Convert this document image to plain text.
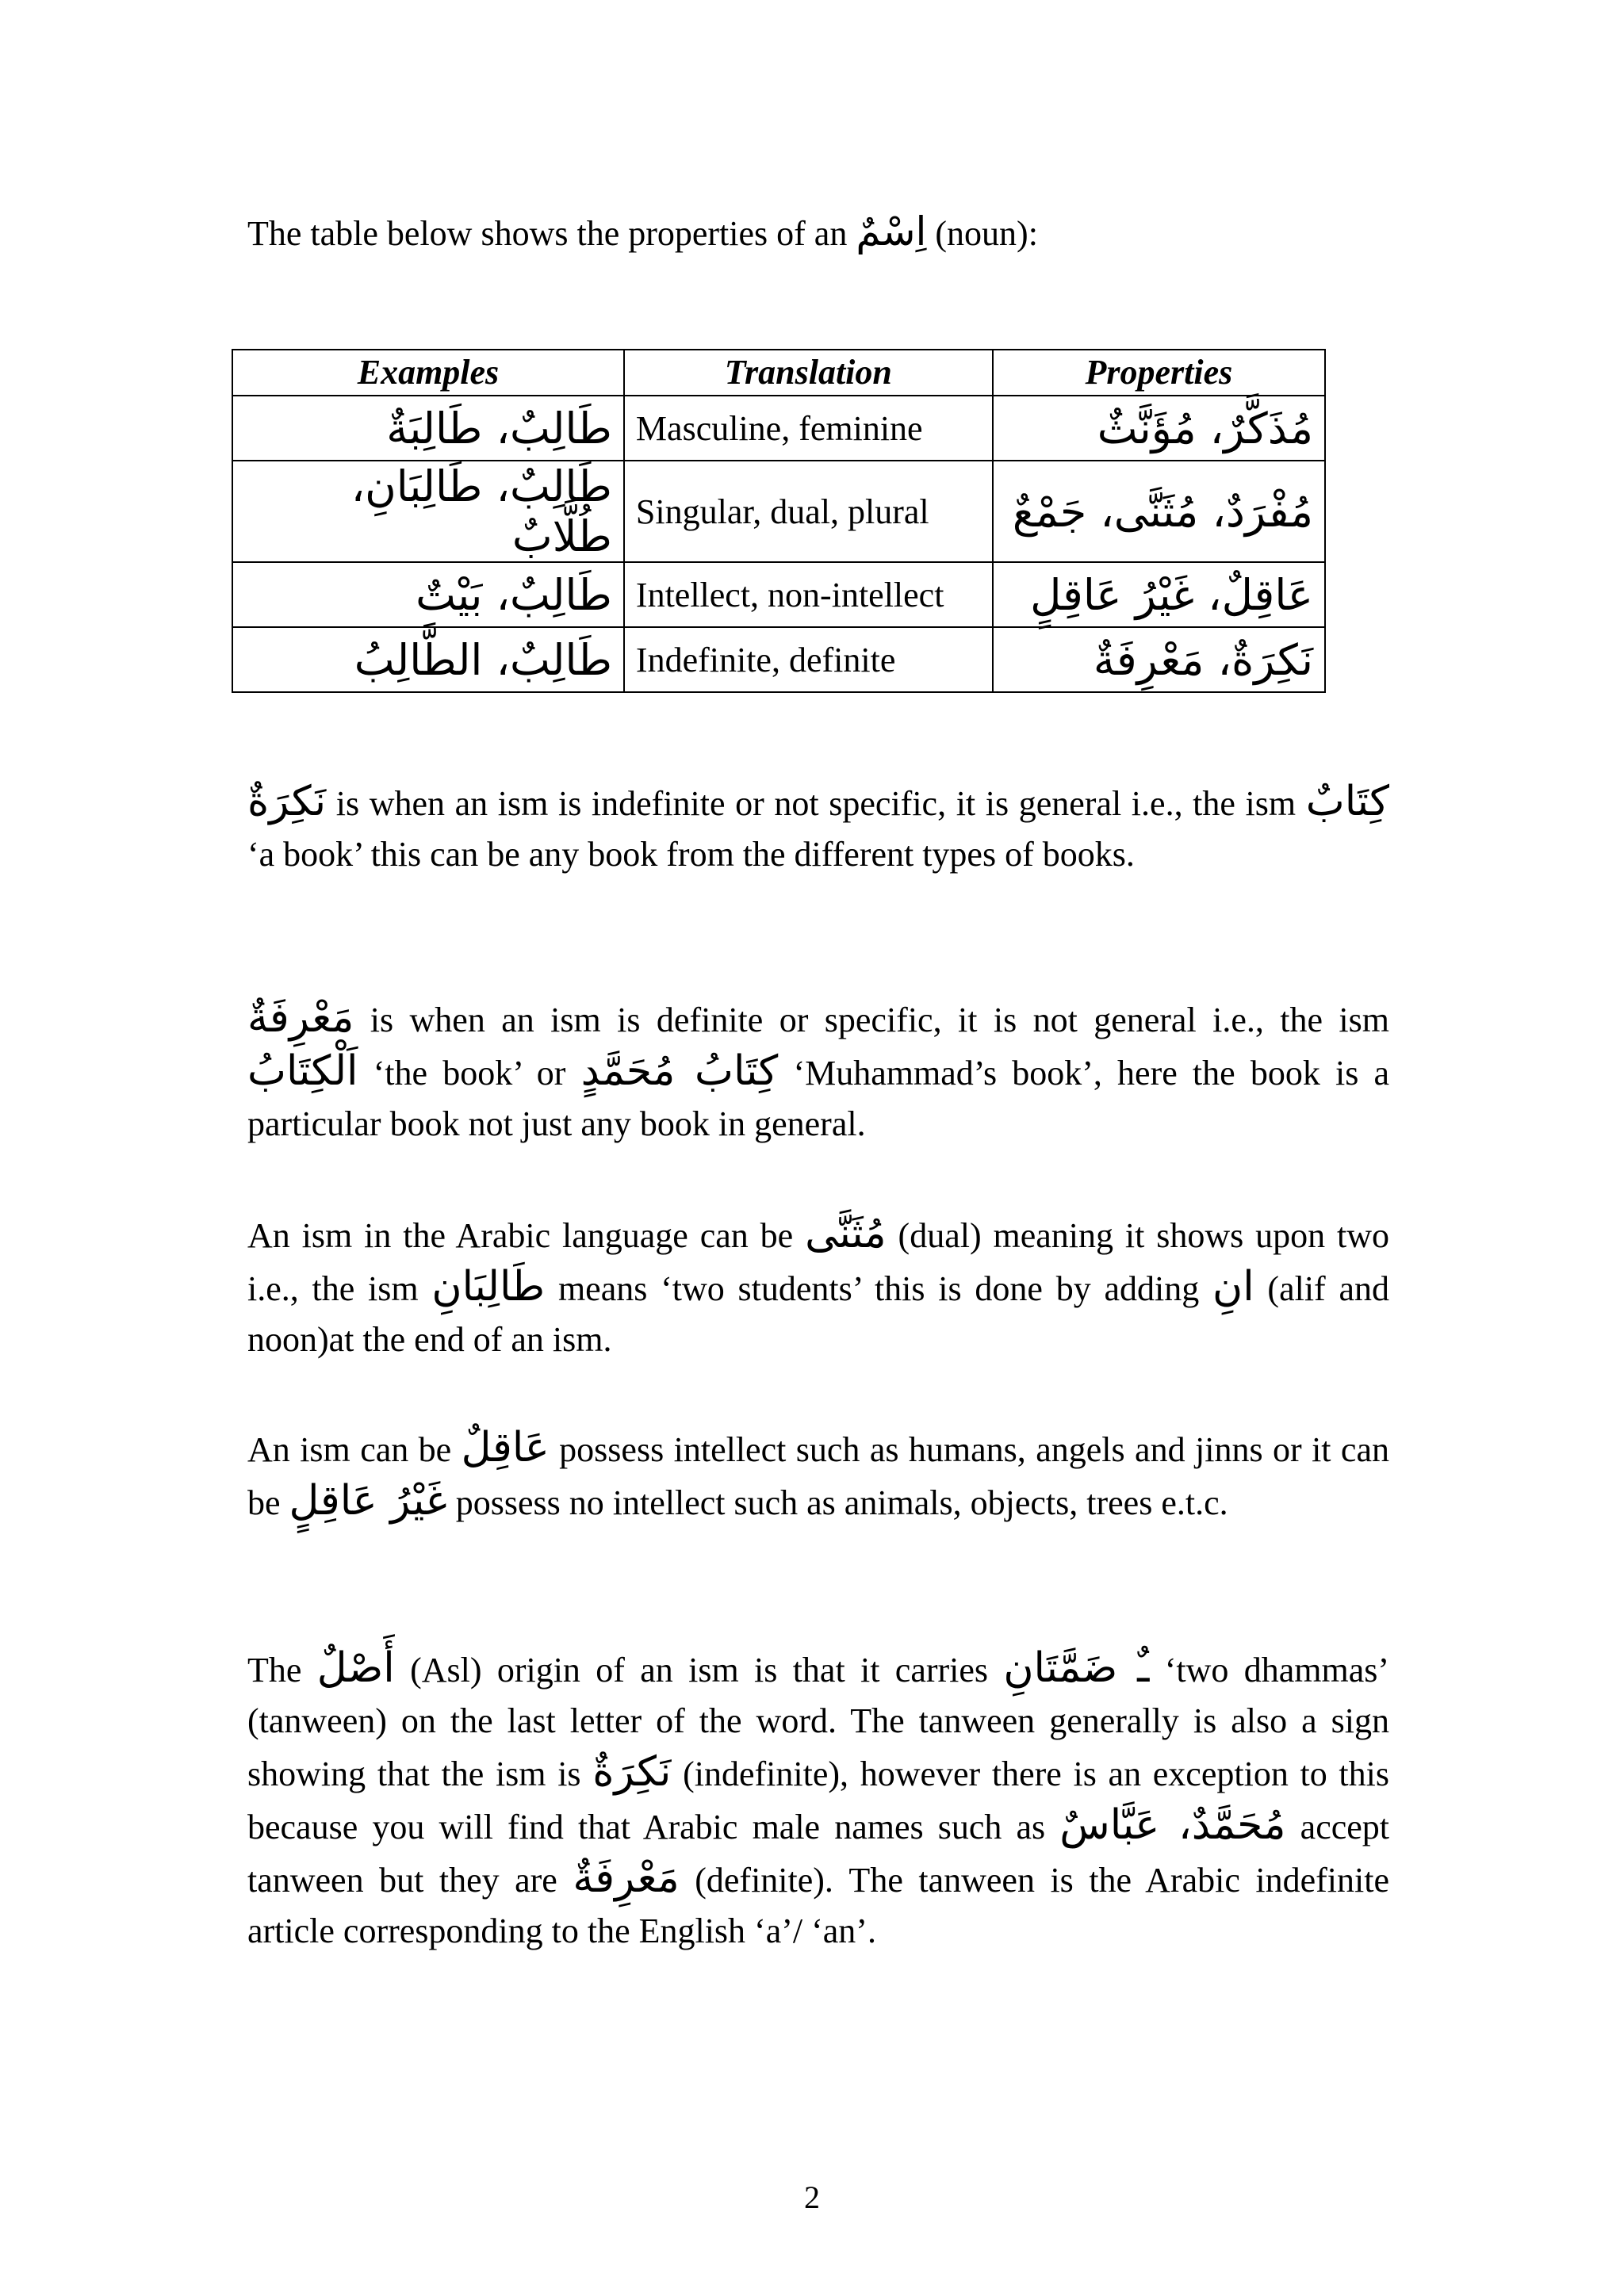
The table below shows the properties of an اِسْمٌ (noun):
Examples	Translation	Properties
طَالِبٌ، طَالِبَةٌ	Masculine, feminine	مُذَكَّرٌ، مُؤَنَّثٌ
طَالِبٌ، طَالِبَانِ، طُلَّابٌ	Singular, dual, plural	مُفْرَدٌ، مُثَنَّى، جَمْعٌ
طَالِبٌ، بَيْتٌ	Intellect, non-intellect	عَاقِلٌ، غَيْرُ عَاقِلٍ
طَالِبٌ، الطَّالِبُ	Indefinite, definite	نَكِرَةٌ، مَعْرِفَةٌ

نَكِرَةٌ is when an ism is indefinite or not specific, it is general i.e., the ism كِتَابٌ ‘a book’ this can be any book from the different types of books.

مَعْرِفَةٌ is when an ism is definite or specific, it is not general i.e., the ism اَلْكِتَابُ ‘the book’ or كِتَابُ مُحَمَّدٍ ‘Muhammad’s book’, here the book is a particular book not just any book in general.

An ism in the Arabic language can be مُثَنَّى (dual) meaning it shows upon two i.e., the ism طَالِبَانِ means ‘two students’ this is done by adding انِ (alif and noon)at the end of an ism.

An ism can be عَاقِلٌ possess intellect such as humans, angels and jinns or it can be غَيْرُ عَاقِلٍ possess no intellect such as animals, objects, trees e.t.c.

The أَصْلٌ (Asl) origin of an ism is that it carries ـٌ ضَمَّتَانِ ‘two dhammas’ (tanween) on the last letter of the word. The tanween generally is also a sign showing that the ism is نَكِرَةٌ (indefinite), however there is an exception to this because you will find that Arabic male names such as مُحَمَّدٌ، عَبَّاسٌ accept tanween but they are مَعْرِفَةٌ (definite). The tanween is the Arabic indefinite article corresponding to the English ‘a’/ ‘an’.

2
